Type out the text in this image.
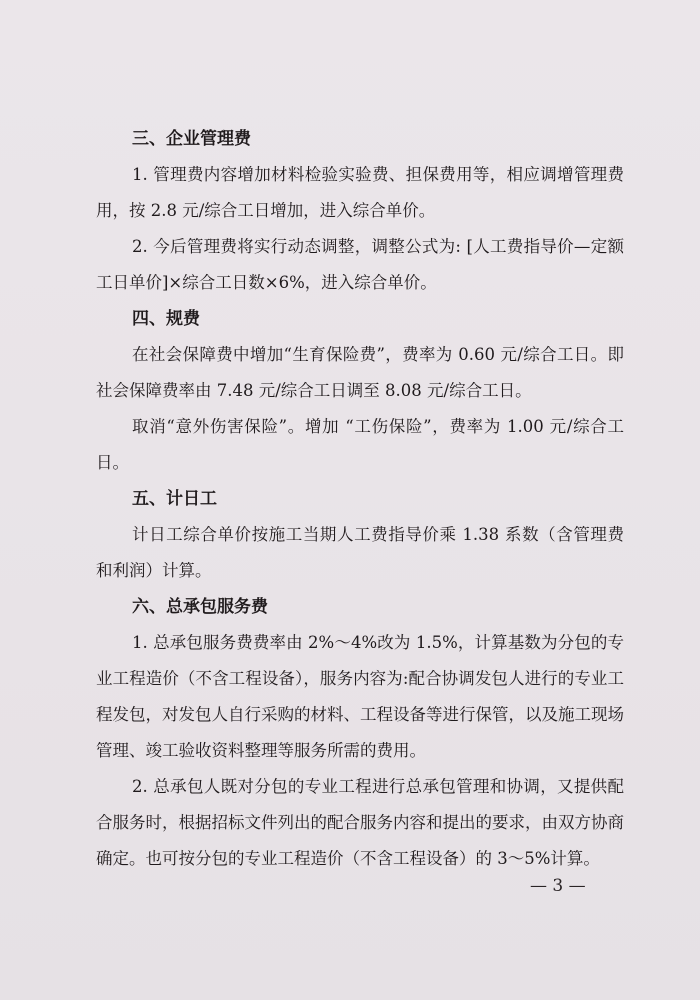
三、企业管理费
1. 管理费内容增加材料检验实验费、担保费用等，相应调增管理费用，按 2.8 元/综合工日增加，进入综合单价。
2. 今后管理费将实行动态调整，调整公式为: [人工费指导价—定额工日单价]×综合工日数×6%，进入综合单价。
四、规费
在社会保障费中增加“生育保险费”，费率为 0.60 元/综合工日。即社会保障费率由 7.48 元/综合工日调至 8.08 元/综合工日。
取消“意外伤害保险”。增加 “工伤保险”，费率为 1.00 元/综合工日。
五、计日工
计日工综合单价按施工当期人工费指导价乘 1.38 系数（含管理费和利润）计算。
六、总承包服务费
1. 总承包服务费费率由 2%～4%改为 1.5%，计算基数为分包的专业工程造价（不含工程设备），服务内容为:配合协调发包人进行的专业工程发包，对发包人自行采购的材料、工程设备等进行保管，以及施工现场管理、竣工验收资料整理等服务所需的费用。
2. 总承包人既对分包的专业工程进行总承包管理和协调，又提供配合服务时，根据招标文件列出的配合服务内容和提出的要求，由双方协商确定。也可按分包的专业工程造价（不含工程设备）的 3～5%计算。
— 3 —
